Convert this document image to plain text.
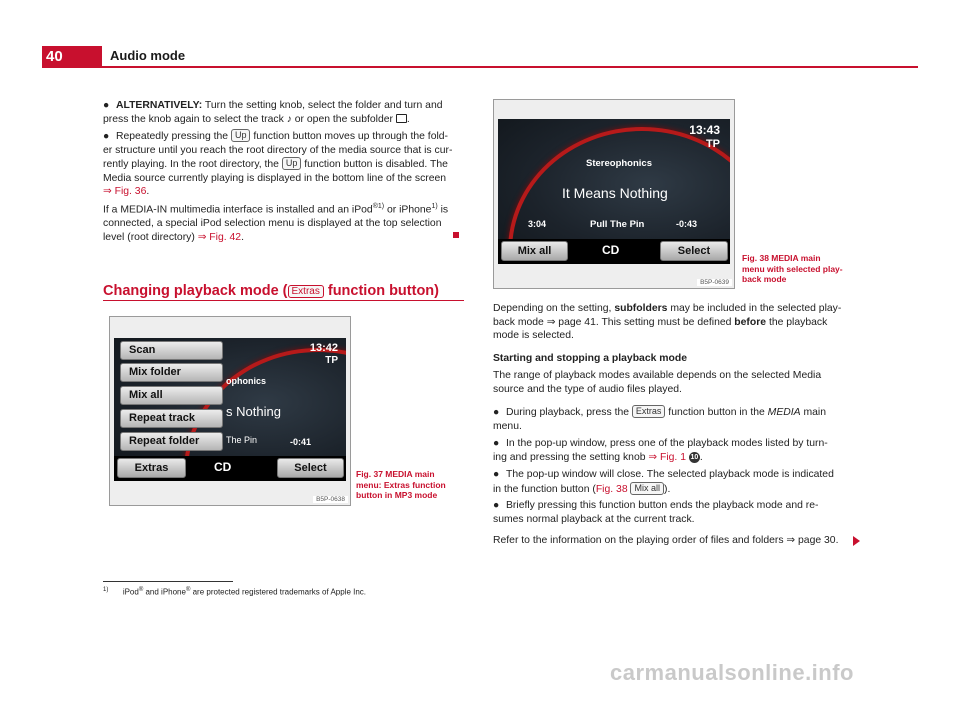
40	Audio mode
● ALTERNATIVELY: Turn the setting knob, select the folder and turn and
press the knob again to select the track ♪ or open the subfolder .
● Repeatedly pressing the Up function button moves up through the fold-
er structure until you reach the root directory of the media source that is cur-
rently playing. In the root directory, the Up function button is disabled. The
Media source currently playing is displayed in the bottom line of the screen
⇒ Fig. 36.
If a MEDIA-IN multimedia interface is installed and an iPod$^{®1)}$ or iPhone$^{1)}$ is
connected, a special iPod selection menu is displayed at the top selection
level (root directory) ⇒ Fig. 42.
Changing playback mode ( Extras function button)
13:42
TP
ophonics
s Nothing
The Pin	-0:41
Scan
Mix folder
Mix all
Repeat track
Repeat folder
Extras	CD	Select
B5P-0638
Fig. 37 MEDIA main
menu: Extras function
button in MP3 mode
13:43
TP
Stereophonics
It Means Nothing
3:04	Pull The Pin	-0:43
Mix all	CD	Select
B5P-0639
Fig. 38 MEDIA main
menu with selected play-
back mode
Depending on the setting, subfolders may be included in the selected play-
back mode ⇒ page 41. This setting must be defined before the playback
mode is selected.
Starting and stopping a playback mode
The range of playback modes available depends on the selected Media
source and the type of audio files played.
● During playback, press the Extras function button in the MEDIA main
menu.
● In the pop-up window, press one of the playback modes listed by turn-
ing and pressing the setting knob ⇒ Fig. 1 10 .
● The pop-up window will close. The selected playback mode is indicated
in the function button (Fig. 38 Mix all ).
● Briefly pressing this function button ends the playback mode and re-
sumes normal playback at the current track.
Refer to the information on the playing order of files and folders ⇒ page 30.
$^{1)}$ iPod® and iPhone® are protected registered trademarks of Apple Inc.
carmanualsonline.info
